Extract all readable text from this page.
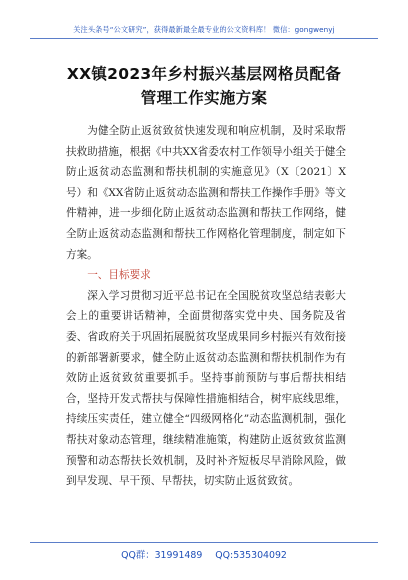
关注头条号“公文研究”，获得最新最全最专业的公文资料库！ 微信：gongwenyj
XX镇2023年乡村振兴基层网格员配备
管理工作实施方案

为健全防止返贫致贫快速发现和响应机制，及时采取帮扶救助措施，根据《中共XX省委农村工作领导小组关于健全防止返贫动态监测和帮扶机制的实施意见》（X〔2021〕X号）和《XX省防止返贫动态监测和帮扶工作操作手册》等文件精神，进一步细化防止返贫动态监测和帮扶工作网络，健全防止返贫动态监测和帮扶工作网格化管理制度，制定如下方案。

一、目标要求

深入学习贯彻习近平总书记在全国脱贫攻坚总结表彰大会上的重要讲话精神，全面贯彻落实党中央、国务院及省委、省政府关于巩固拓展脱贫攻坚成果同乡村振兴有效衔接的新部署新要求，健全防止返贫动态监测和帮扶机制作为有效防止返贫致贫重要抓手。坚持事前预防与事后帮扶相结合，坚持开发式帮扶与保障性措施相结合，树牢底线思维，持续压实责任，建立健全“四级网格化”动态监测机制，强化帮扶对象动态管理，继续精准施策，构建防止返贫致贫监测预警和动态帮扶长效机制，及时补齐短板尽早消除风险，做到早发现、早干预、早帮扶，切实防止返贫致贫。

QQ群：31991489 QQ:535304092
